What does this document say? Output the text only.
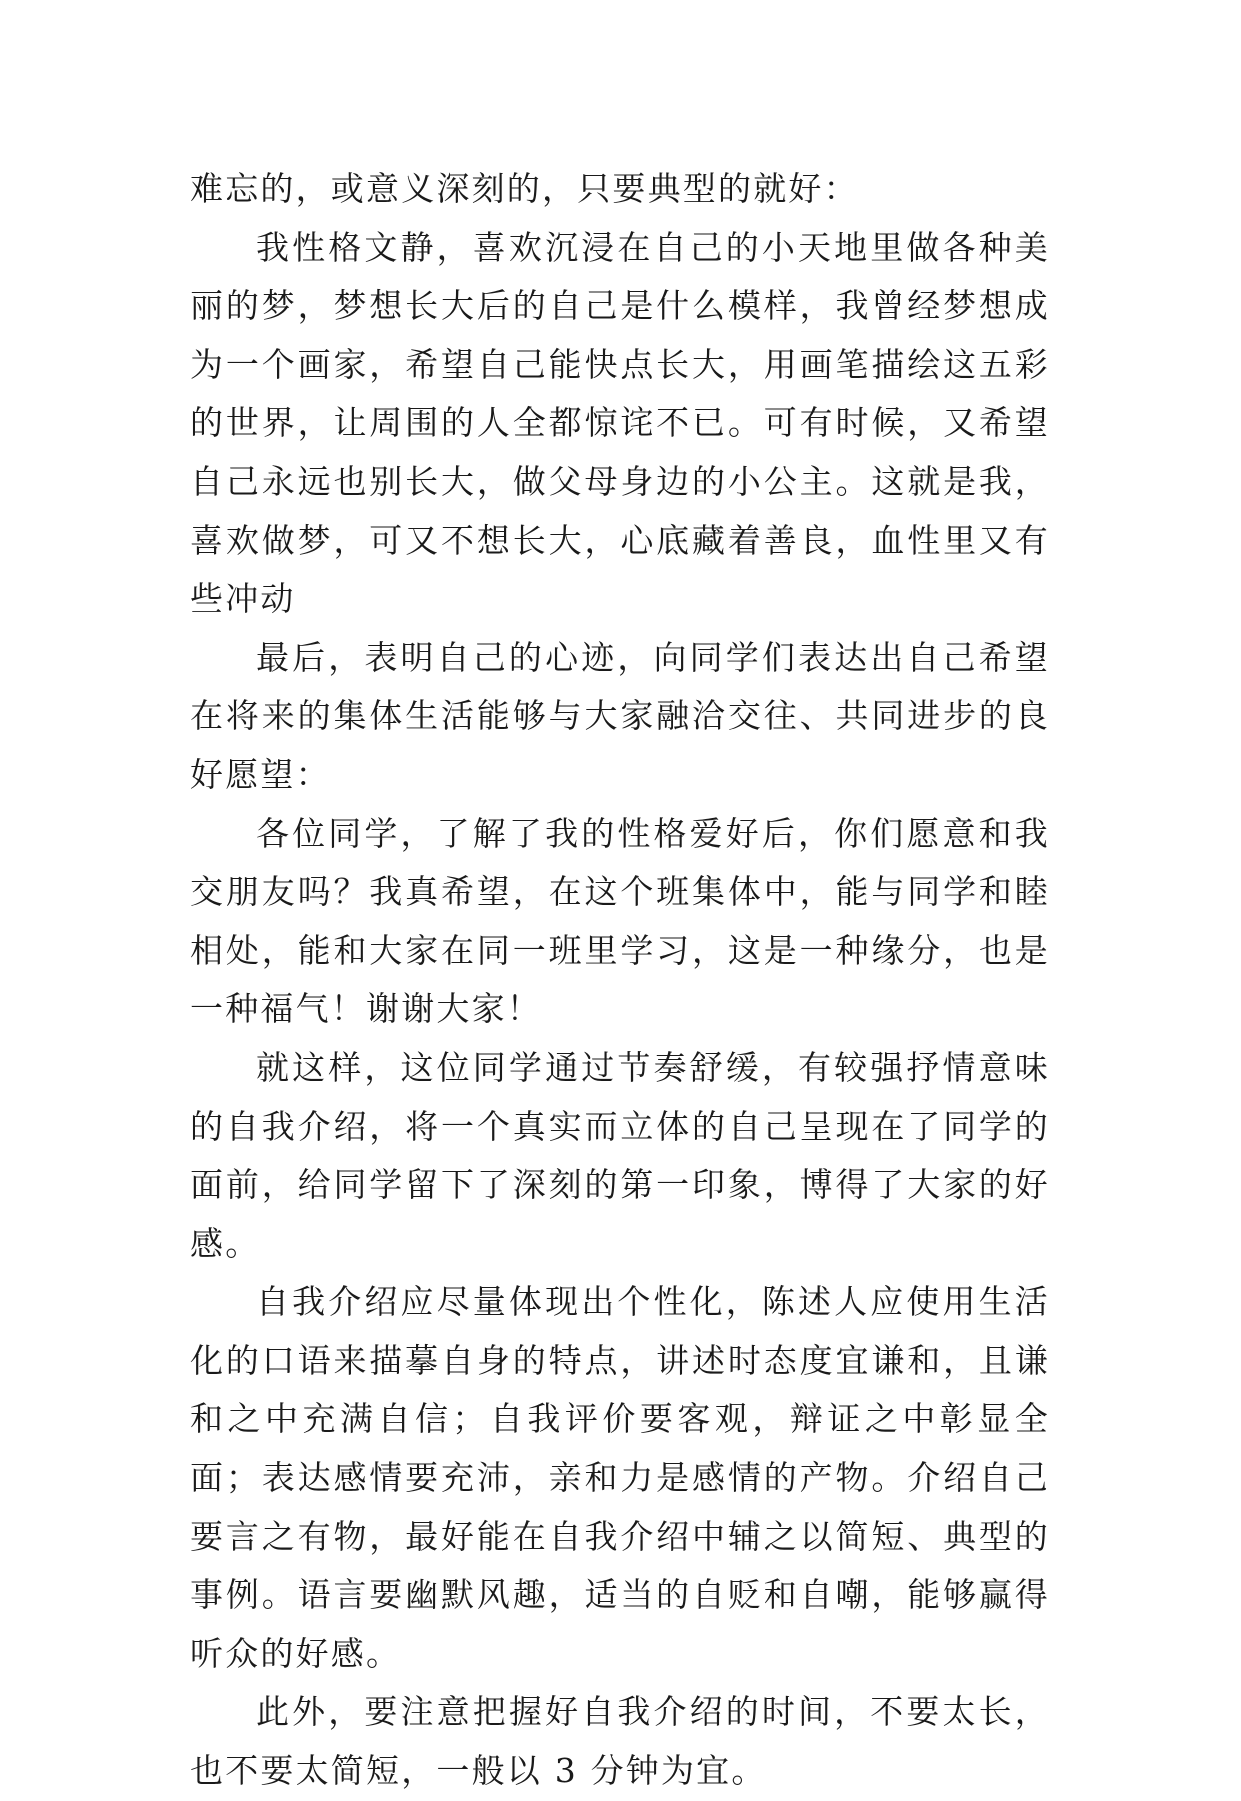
难忘的，或意义深刻的，只要典型的就好：

我性格文静，喜欢沉浸在自己的小天地里做各种美丽的梦，梦想长大后的自己是什么模样，我曾经梦想成为一个画家，希望自己能快点长大，用画笔描绘这五彩的世界，让周围的人全都惊诧不已。可有时候，又希望自己永远也别长大，做父母身边的小公主。这就是我，喜欢做梦，可又不想长大，心底藏着善良，血性里又有些冲动

最后，表明自己的心迹，向同学们表达出自己希望在将来的集体生活能够与大家融洽交往、共同进步的良好愿望：

各位同学，了解了我的性格爱好后，你们愿意和我交朋友吗？我真希望，在这个班集体中，能与同学和睦相处，能和大家在同一班里学习，这是一种缘分，也是一种福气！谢谢大家！

就这样，这位同学通过节奏舒缓，有较强抒情意味的自我介绍，将一个真实而立体的自己呈现在了同学的面前，给同学留下了深刻的第一印象，博得了大家的好感。

自我介绍应尽量体现出个性化，陈述人应使用生活化的口语来描摹自身的特点，讲述时态度宜谦和，且谦和之中充满自信；自我评价要客观，辩证之中彰显全面；表达感情要充沛，亲和力是感情的产物。介绍自己要言之有物，最好能在自我介绍中辅之以简短、典型的事例。语言要幽默风趣，适当的自贬和自嘲，能够赢得听众的好感。

此外，要注意把握好自我介绍的时间，不要太长，也不要太简短，一般以 3 分钟为宜。
